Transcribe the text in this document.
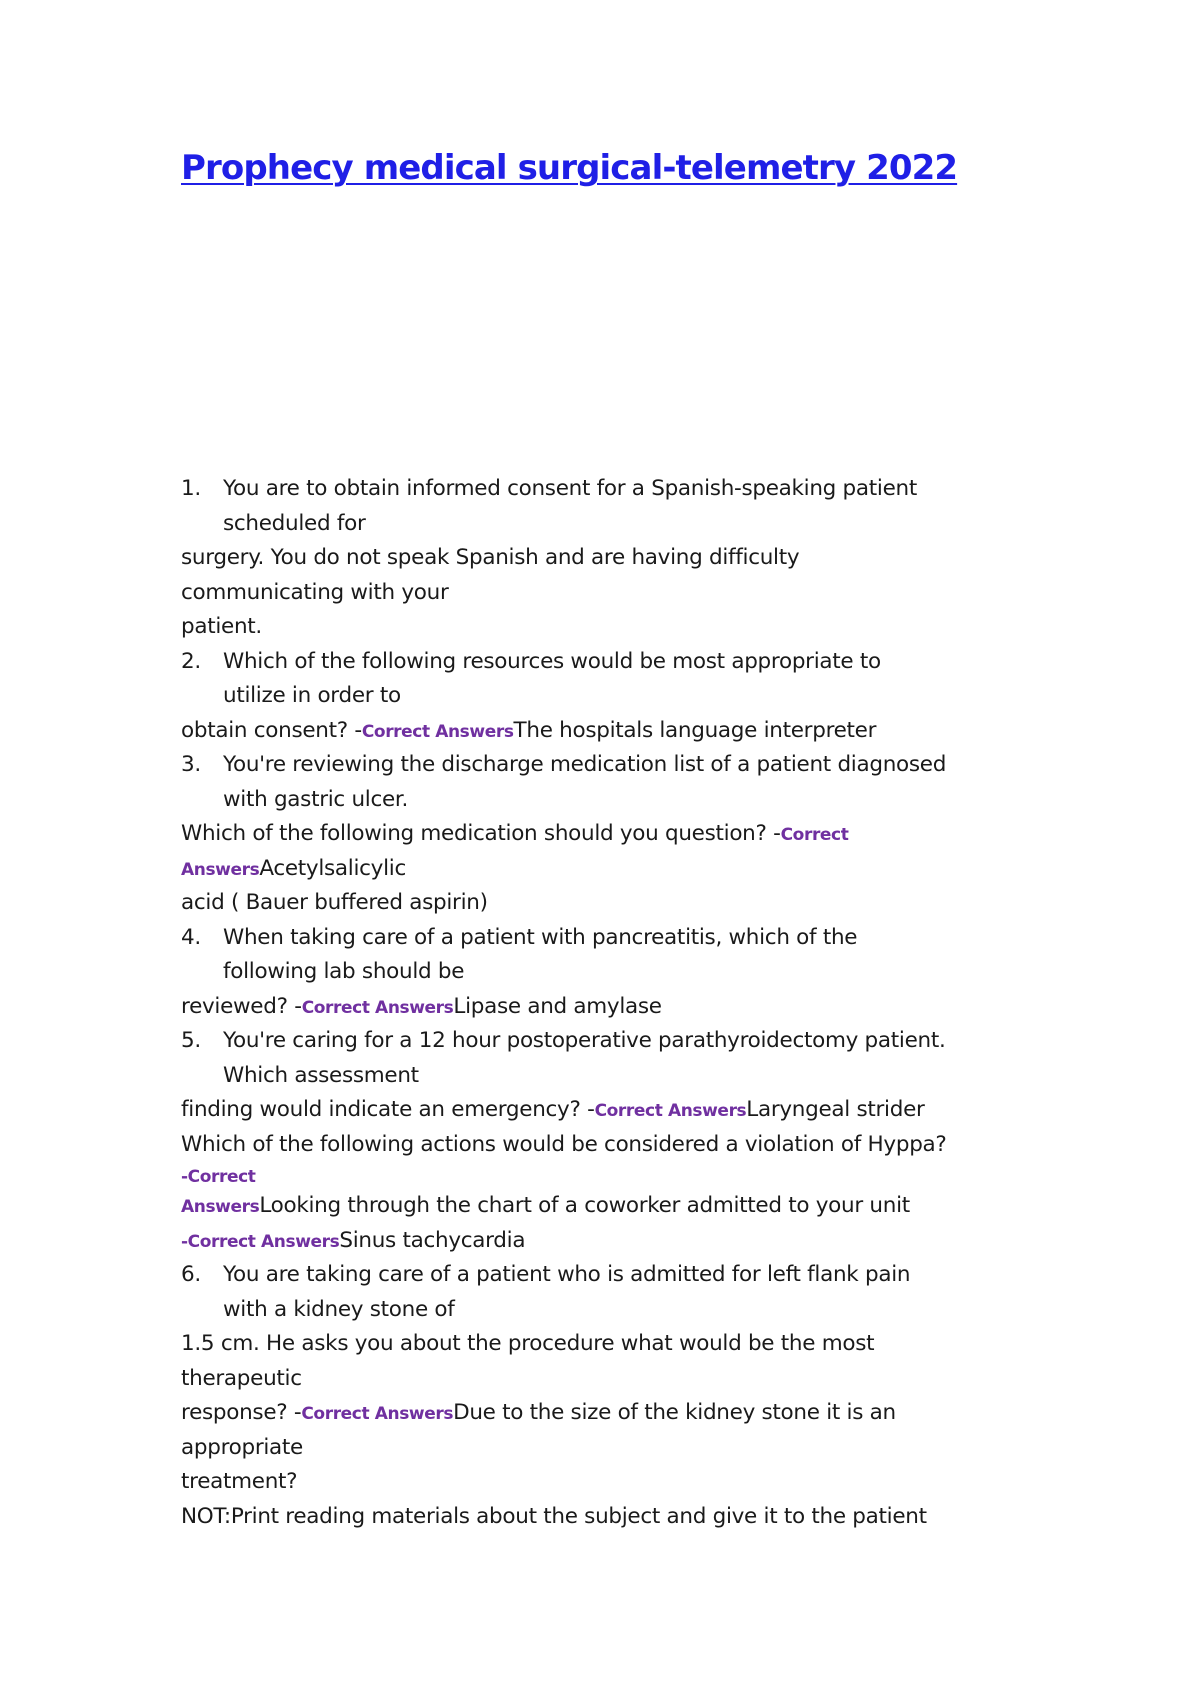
Prophecy medical surgical-telemetry 2022
1. You are to obtain informed consent for a Spanish-speaking patient
scheduled for
surgery. You do not speak Spanish and are having difficulty
communicating with your
patient.
2. Which of the following resources would be most appropriate to
utilize in order to
obtain consent? -Correct AnswersThe hospitals language interpreter
3. You're reviewing the discharge medication list of a patient diagnosed
with gastric ulcer.
Which of the following medication should you question? -Correct
AnswersAcetylsalicylic
acid ( Bauer buffered aspirin)
4. When taking care of a patient with pancreatitis, which of the
following lab should be
reviewed? -Correct AnswersLipase and amylase
5. You're caring for a 12 hour postoperative parathyroidectomy patient.
Which assessment
finding would indicate an emergency? -Correct AnswersLaryngeal strider
Which of the following actions would be considered a violation of Hyppa?
-Correct
AnswersLooking through the chart of a coworker admitted to your unit
-Correct AnswersSinus tachycardia
6. You are taking care of a patient who is admitted for left flank pain
with a kidney stone of
1.5 cm. He asks you about the procedure what would be the most
therapeutic
response? -Correct AnswersDue to the size of the kidney stone it is an
appropriate
treatment?
NOT:Print reading materials about the subject and give it to the patient
